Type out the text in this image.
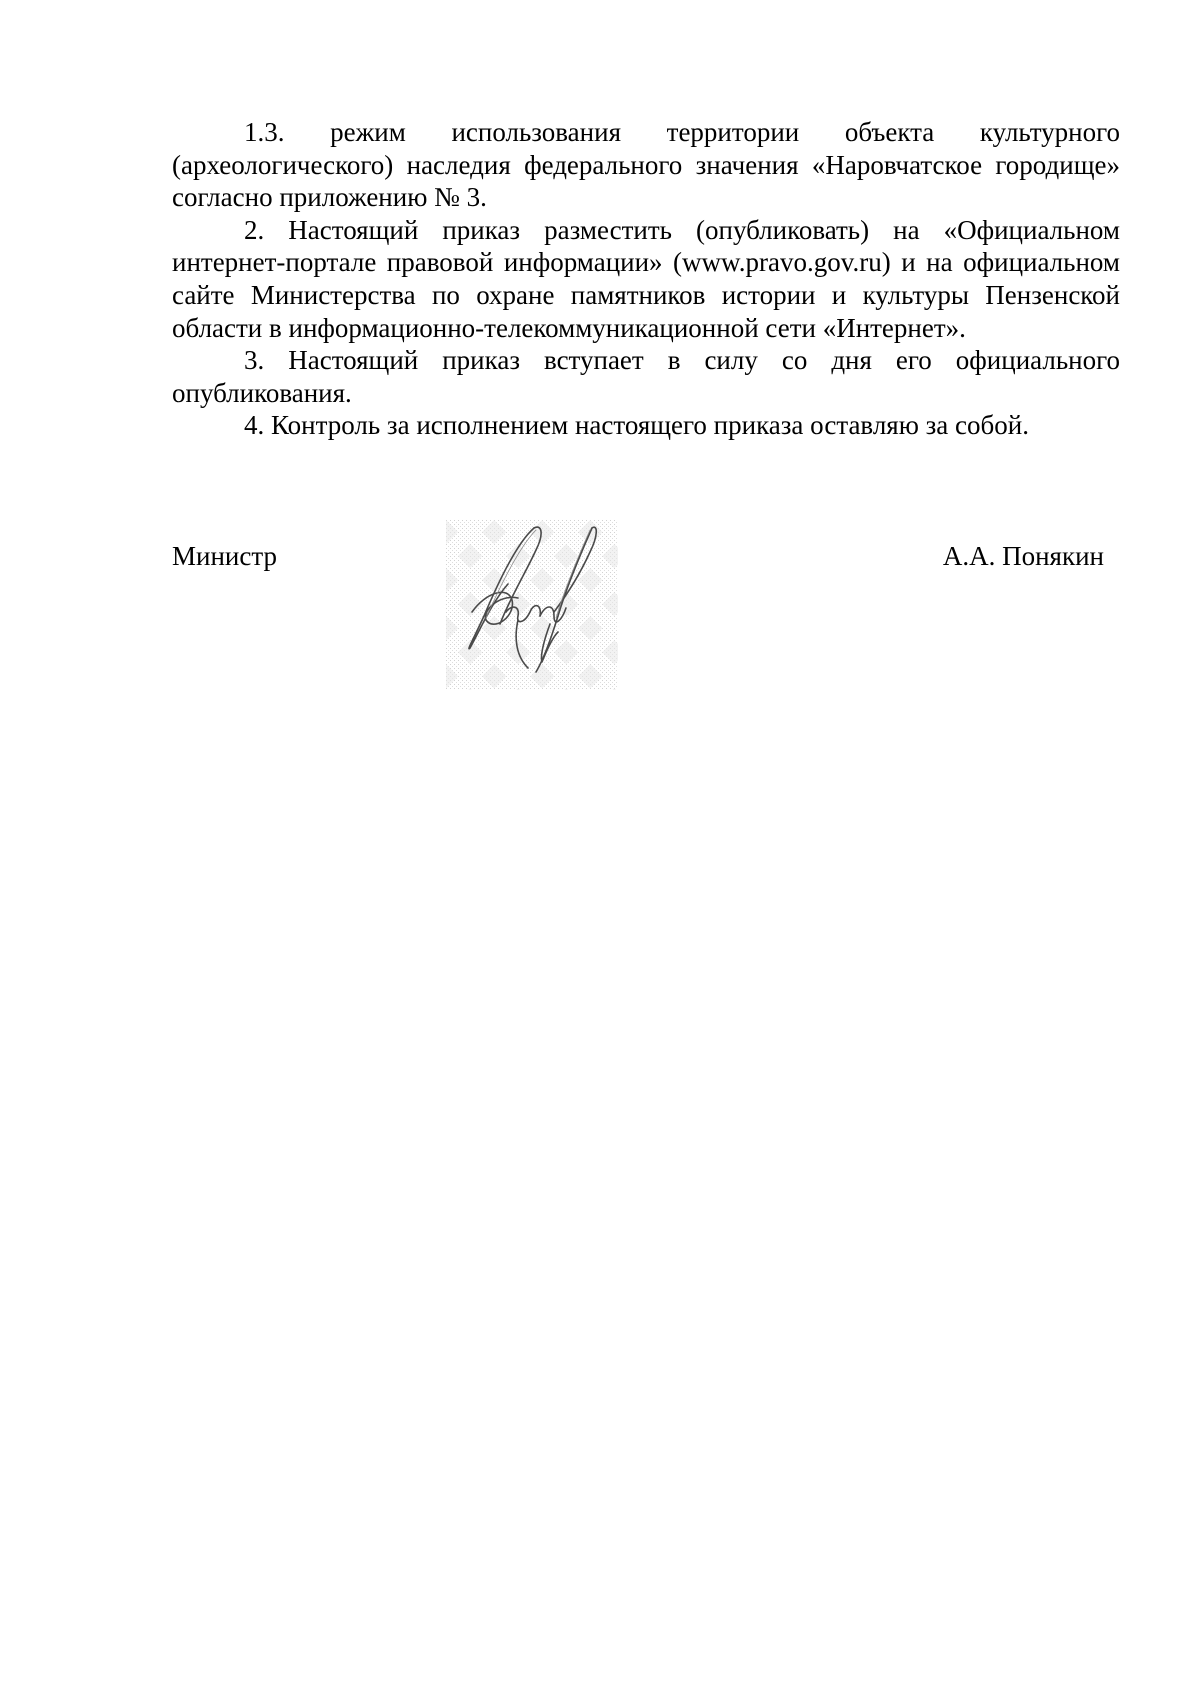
1.3. режим использования территории объекта культурного (археологического) наследия федерального значения «Наровчатское городище» согласно приложению № 3.

2. Настоящий приказ разместить (опубликовать) на «Официальном интернет-портале правовой информации» (www.pravo.gov.ru) и на официальном сайте Министерства по охране памятников истории и культуры Пензенской области в информационно-телекоммуникационной сети «Интернет».

3. Настоящий приказ вступает в силу со дня его официального опубликования.

4. Контроль за исполнением настоящего приказа оставляю за собой.

Министр	А.А. Понякин
